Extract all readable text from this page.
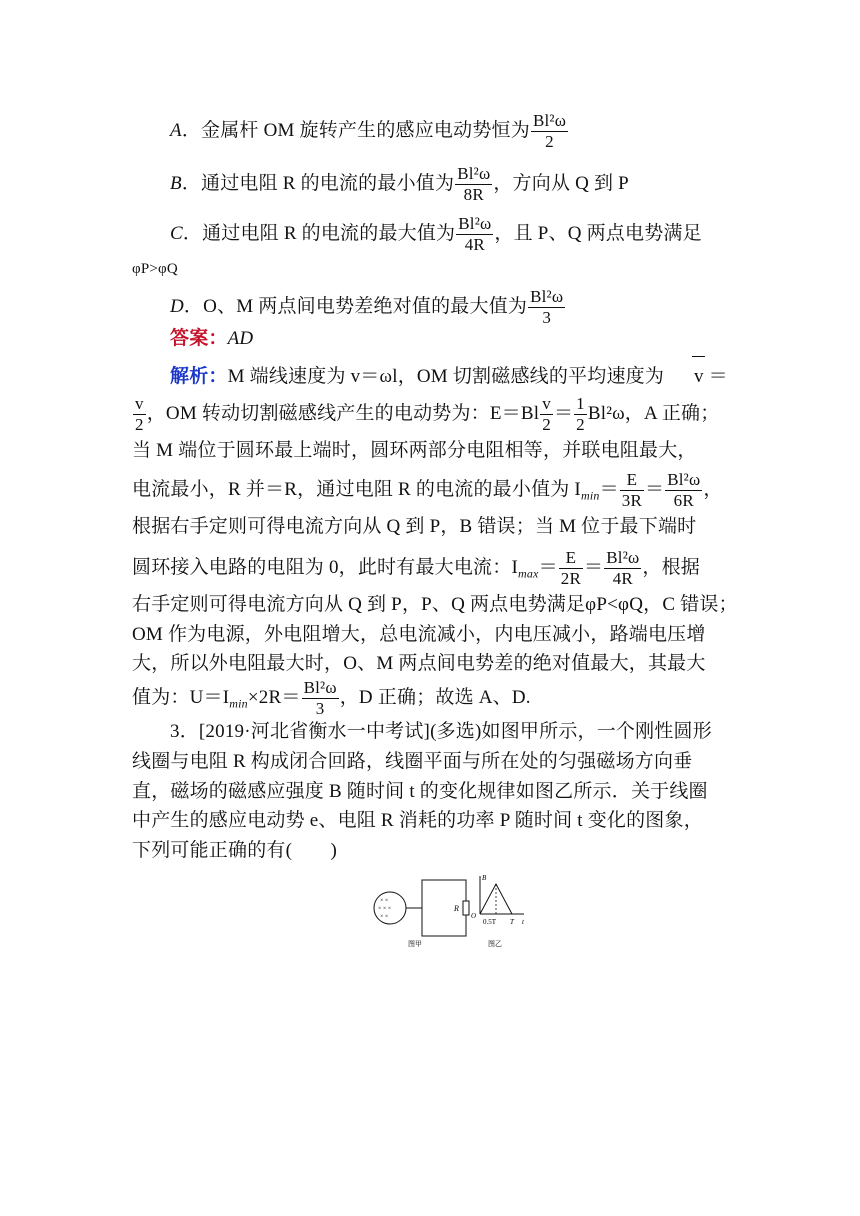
A．金属杆 OM 旋转产生的感应电动势恒为 $\frac{\text{Bl²ω}}{2}$
B．通过电阻 R 的电流的最小值为 $\frac{\text{Bl²ω}}{8R}$ ，方向从 Q 到 P
C．通过电阻 R 的电流的最大值为 $\frac{\text{Bl²ω}}{4R}$ ，且 P、Q 两点电势满足
φP>φQ
D．O、M 两点间电势差绝对值的最大值为 $\frac{\text{Bl²ω}}{3}$
答案：AD
解析：M 端线速度为 v＝ωl，OM 切割磁感线的平均速度为 v ＝
$\frac{v}{2}$ ，OM 转动切割磁感线产生的电动势为：$E=Bl \frac{v}{2} = \frac{1}{2} Bl^2\omega$，A 正确；
当 M 端位于圆环最上端时，圆环两部分电阻相等，并联电阻最大，
电流最小，R 并＝R，通过电阻 R 的电流的最小值为 $I_{min}= \frac{E}{3R} = \frac{\text{Bl²ω}}{6R}$ ，
根据右手定则可得电流方向从 Q 到 P，B 错误；当 M 位于最下端时
圆环接入电路的电阻为 0，此时有最大电流：$I_{max}= \frac{E}{2R} = \frac{\text{Bl²ω}}{4R}$ ，根据
右手定则可得电流方向从 Q 到 P，P、Q 两点电势满足φP<φQ，C 错误；
OM 作为电源，外电阻增大，总电流减小，内电压减小，路端电压增
大，所以外电阻最大时，O、M 两点间电势差的绝对值最大，其最大
值为：$U=I_{min}\times 2R= \frac{\text{Bl²ω}}{3}$ ，D 正确；故选 A、D.
3．[2019·河北省衡水一中考试](多选)如图甲所示，一个刚性圆形
线圈与电阻 R 构成闭合回路，线圈平面与所在处的匀强磁场方向垂
直，磁场的磁感应强度 B 随时间 t 的变化规律如图乙所示．关于线圈
中产生的感应电动势 e、电阻 R 消耗的功率 P 随时间 t 变化的图象，
下列可能正确的有(　　)
× ×
× × ×
× ×
R
图甲
O
B
0.5T T t
图乙
